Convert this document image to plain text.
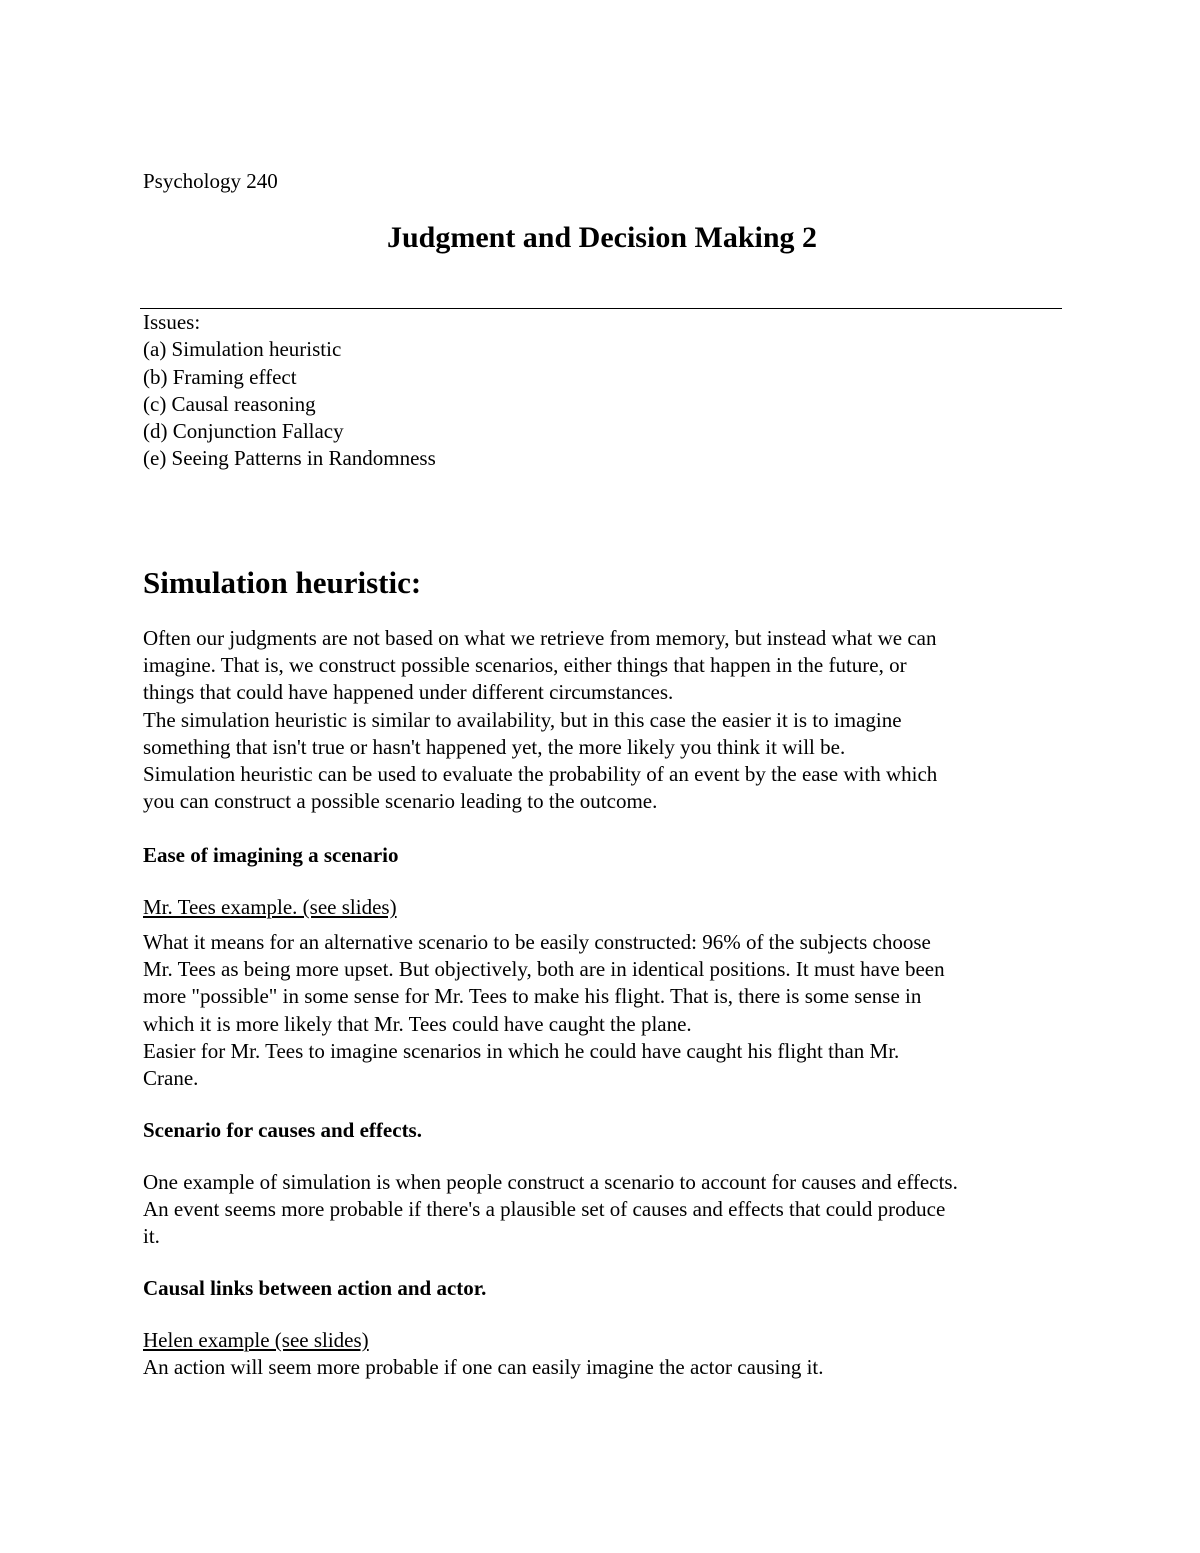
Psychology 240

Judgment and Decision Making 2
Issues:
(a) Simulation heuristic
(b) Framing effect
(c) Causal reasoning
(d) Conjunction Fallacy
(e) Seeing Patterns in Randomness
Simulation heuristic:
Often our judgments are not based on what we retrieve from memory, but instead what we can
imagine. That is, we construct possible scenarios, either things that happen in the future, or
things that could have happened under different circumstances.
The simulation heuristic is similar to availability, but in this case the easier it is to imagine
something that isn't true or hasn't happened yet, the more likely you think it will be.
Simulation heuristic can be used to evaluate the probability of an event by the ease with which
you can construct a possible scenario leading to the outcome.
Ease of imagining a scenario
Mr. Tees example. (see slides)
What it means for an alternative scenario to be easily constructed: 96% of the subjects choose
Mr. Tees as being more upset. But objectively, both are in identical positions. It must have been
more "possible" in some sense for Mr. Tees to make his flight. That is, there is some sense in
which it is more likely that Mr. Tees could have caught the plane.
Easier for Mr. Tees to imagine scenarios in which he could have caught his flight than Mr.
Crane.
Scenario for causes and effects.
One example of simulation is when people construct a scenario to account for causes and effects.
An event seems more probable if there's a plausible set of causes and effects that could produce
it.
Causal links between action and actor.
Helen example (see slides)
An action will seem more probable if one can easily imagine the actor causing it.
